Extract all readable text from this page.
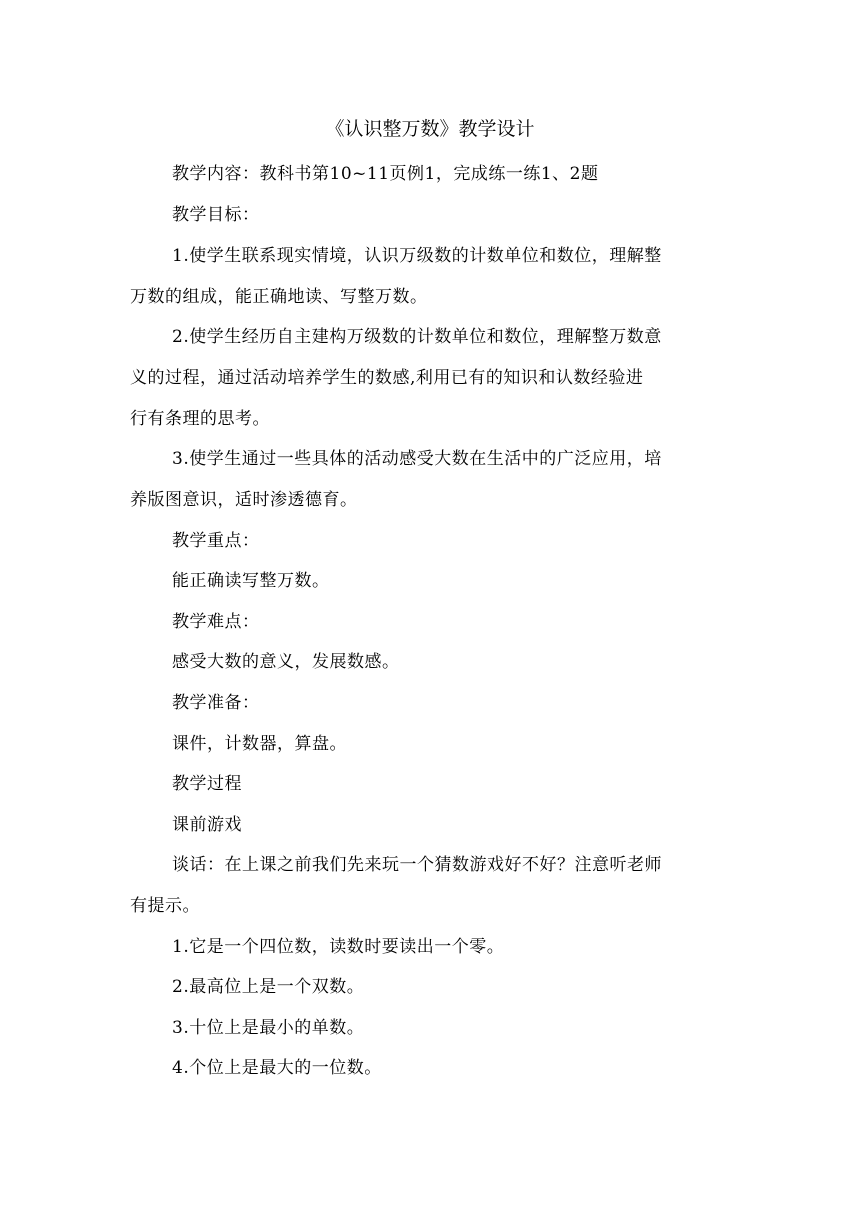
《认识整万数》教学设计
教学内容：教科书第10~11页例1，完成练一练1、2题
教学目标：
1.使学生联系现实情境，认识万级数的计数单位和数位，理解整
万数的组成，能正确地读、写整万数。
2.使学生经历自主建构万级数的计数单位和数位，理解整万数意
义的过程，通过活动培养学生的数感,利用已有的知识和认数经验进
行有条理的思考。
3.使学生通过一些具体的活动感受大数在生活中的广泛应用，培
养版图意识，适时渗透德育。
教学重点：
能正确读写整万数。
教学难点：
感受大数的意义，发展数感。
教学准备：
课件，计数器，算盘。
教学过程
课前游戏
谈话：在上课之前我们先来玩一个猜数游戏好不好？注意听老师
有提示。
1.它是一个四位数，读数时要读出一个零。
2.最高位上是一个双数。
3.十位上是最小的单数。
4.个位上是最大的一位数。
